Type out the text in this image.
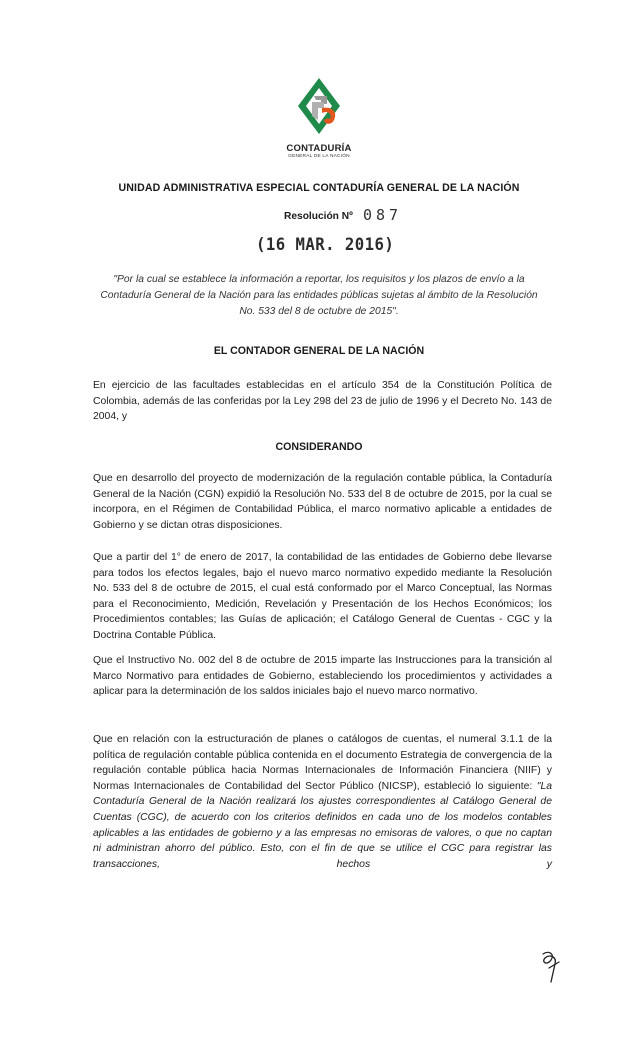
CONTADURÍA
GENERAL DE LA NACIÓN
UNIDAD ADMINISTRATIVA ESPECIAL CONTADURÍA GENERAL DE LA NACIÓN
Resolución Nº 087
(16 MAR. 2016)
"Por la cual se establece la información a reportar, los requisitos y los plazos de envío a la Contaduría General de la Nación para las entidades públicas sujetas al ámbito de la Resolución No. 533 del 8 de octubre de 2015".
EL CONTADOR GENERAL DE LA NACIÓN
En ejercicio de las facultades establecidas en el artículo 354 de la Constitución Política de Colombia, además de las conferidas por la Ley 298 del 23 de julio de 1996 y el Decreto No. 143 de 2004, y
CONSIDERANDO
Que en desarrollo del proyecto de modernización de la regulación contable pública, la Contaduría General de la Nación (CGN) expidió la Resolución No. 533 del 8 de octubre de 2015, por la cual se incorpora, en el Régimen de Contabilidad Pública, el marco normativo aplicable a entidades de Gobierno y se dictan otras disposiciones.
Que a partir del 1° de enero de 2017, la contabilidad de las entidades de Gobierno debe llevarse para todos los efectos legales, bajo el nuevo marco normativo expedido mediante la Resolución No. 533 del 8 de octubre de 2015, el cual está conformado por el Marco Conceptual, las Normas para el Reconocimiento, Medición, Revelación y Presentación de los Hechos Económicos; los Procedimientos contables; las Guías de aplicación; el Catálogo General de Cuentas - CGC y la Doctrina Contable Pública.
Que el Instructivo No. 002 del 8 de octubre de 2015 imparte las Instrucciones para la transición al Marco Normativo para entidades de Gobierno, estableciendo los procedimientos y actividades a aplicar para la determinación de los saldos iniciales bajo el nuevo marco normativo.
Que en relación con la estructuración de planes o catálogos de cuentas, el numeral 3.1.1 de la política de regulación contable pública contenida en el documento Estrategia de convergencia de la regulación contable pública hacia Normas Internacionales de Información Financiera (NIIF) y Normas Internacionales de Contabilidad del Sector Público (NICSP), estableció lo siguiente: "La Contaduría General de la Nación realizará los ajustes correspondientes al Catálogo General de Cuentas (CGC), de acuerdo con los criterios definidos en cada uno de los modelos contables aplicables a las entidades de gobierno y a las empresas no emisoras de valores, o que no captan ni administran ahorro del público. Esto, con el fin de que se utilice el CGC para registrar las transacciones, hechos y
